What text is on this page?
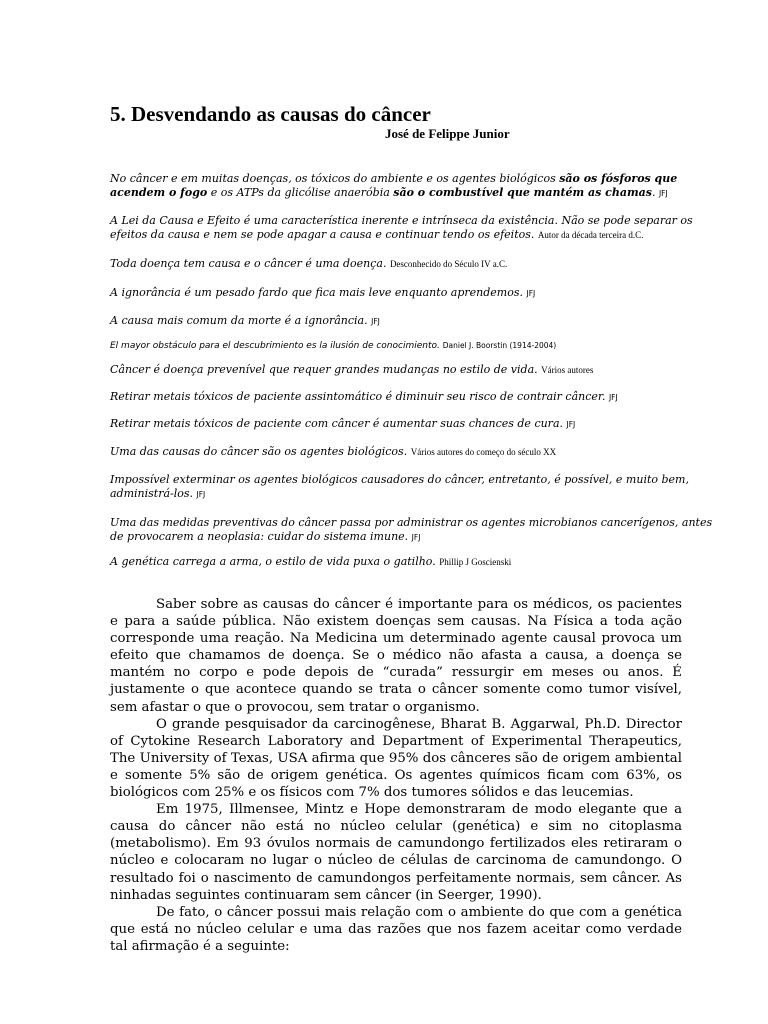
5. Desvendando as causas do câncer
José de Felippe Junior

No câncer e em muitas doenças, os tóxicos do ambiente e os agentes biológicos são os fósforos que acendem o fogo e os ATPs da glicólise anaeróbia são o combustível que mantém as chamas. JFJ

A Lei da Causa e Efeito é uma característica inerente e intrínseca da existência. Não se pode separar os efeitos da causa e nem se pode apagar a causa e continuar tendo os efeitos. Autor da década terceira d.C.

Toda doença tem causa e o câncer é uma doença. Desconhecido do Século IV a.C.

A ignorância é um pesado fardo que fica mais leve enquanto aprendemos. JFJ

A causa mais comum da morte é a ignorância. JFJ

El mayor obstáculo para el descubrimiento es la ilusión de conocimiento. Daniel J. Boorstin (1914-2004)

Câncer é doença prevenível que requer grandes mudanças no estilo de vida. Vários autores

Retirar metais tóxicos de paciente assintomático é diminuir seu risco de contrair câncer. JFJ

Retirar metais tóxicos de paciente com câncer é aumentar suas chances de cura. JFJ

Uma das causas do câncer são os agentes biológicos. Vários autores do começo do século XX

Impossível exterminar os agentes biológicos causadores do câncer, entretanto, é possível, e muito bem, administrá-los. JFJ

Uma das medidas preventivas do câncer passa por administrar os agentes microbianos cancerígenos, antes de provocarem a neoplasia: cuidar do sistema imune. JFJ

A genética carrega a arma, o estilo de vida puxa o gatilho. Phillip J Goscienski

Saber sobre as causas do câncer é importante para os médicos, os pacientes e para a saúde pública. Não existem doenças sem causas. Na Física a toda ação corresponde uma reação. Na Medicina um determinado agente causal provoca um efeito que chamamos de doença. Se o médico não afasta a causa, a doença se mantém no corpo e pode depois de “curada” ressurgir em meses ou anos. É justamente o que acontece quando se trata o câncer somente como tumor visível, sem afastar o que o provocou, sem tratar o organismo.

O grande pesquisador da carcinogênese, Bharat B. Aggarwal, Ph.D. Director of Cytokine Research Laboratory and Department of Experimental Therapeutics, The University of Texas, USA afirma que 95% dos cânceres são de origem ambiental e somente 5% são de origem genética. Os agentes químicos ficam com 63%, os biológicos com 25% e os físicos com 7% dos tumores sólidos e das leucemias.

Em 1975, Illmensee, Mintz e Hope demonstraram de modo elegante que a causa do câncer não está no núcleo celular (genética) e sim no citoplasma (metabolismo). Em 93 óvulos normais de camundongo fertilizados eles retiraram o núcleo e colocaram no lugar o núcleo de células de carcinoma de camundongo. O resultado foi o nascimento de camundongos perfeitamente normais, sem câncer. As ninhadas seguintes continuaram sem câncer (in Seerger, 1990).

De fato, o câncer possui mais relação com o ambiente do que com a genética que está no núcleo celular e uma das razões que nos fazem aceitar como verdade tal afirmação é a seguinte:
